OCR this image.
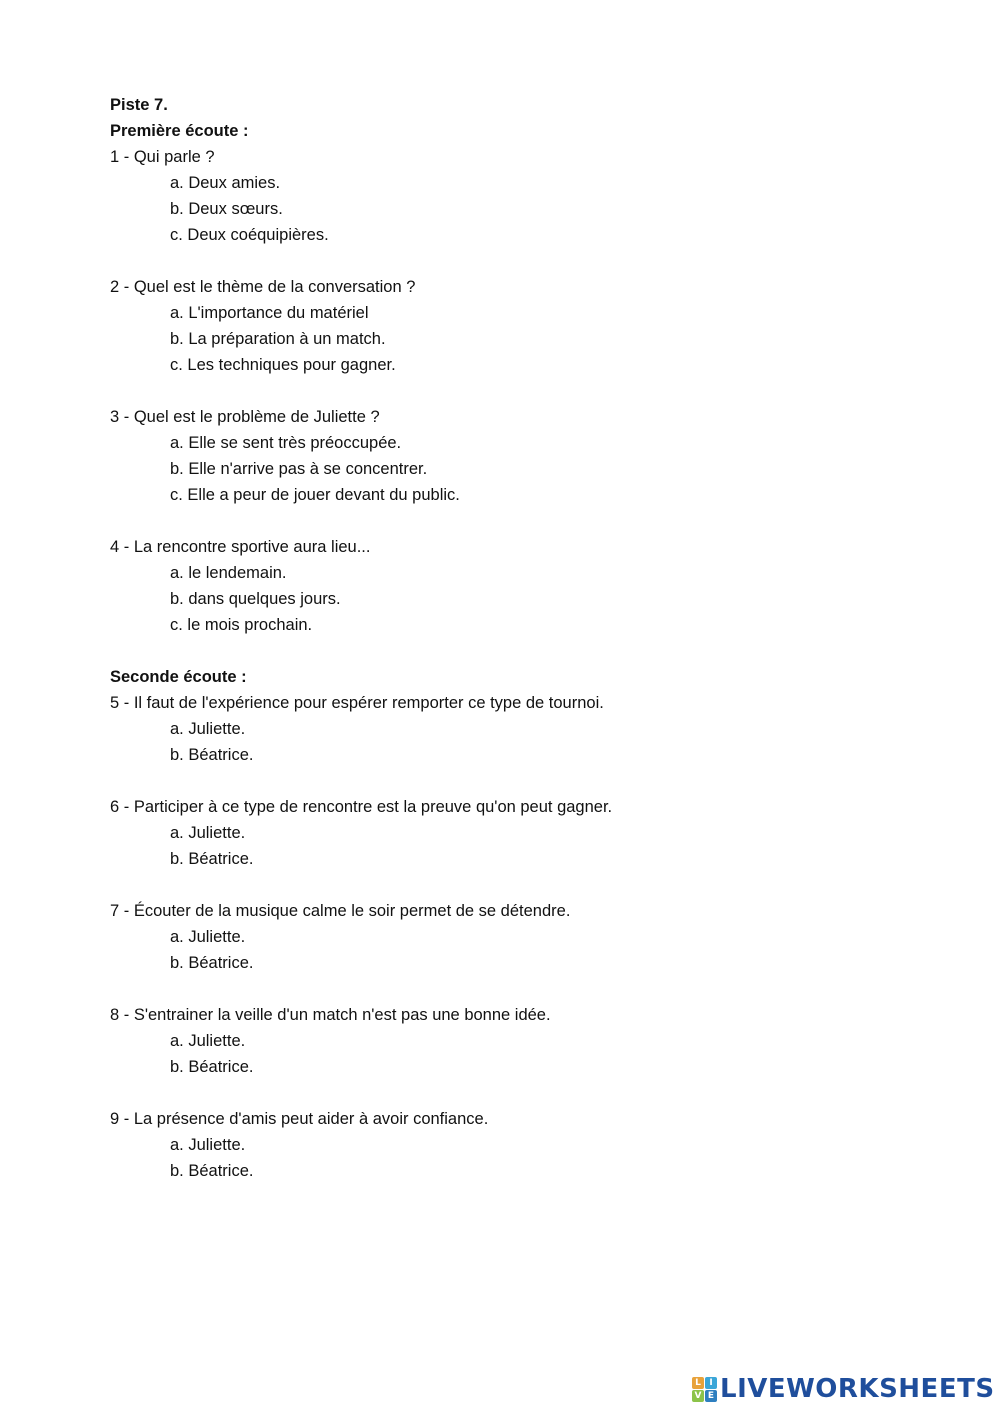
Piste 7.
Première écoute :
1 - Qui parle ?
a. Deux amies.
b. Deux sœurs.
c. Deux coéquipières.
2 - Quel est le thème de la conversation ?
a. L'importance du matériel
b. La préparation à un match.
c. Les techniques pour gagner.
3 - Quel est le problème de Juliette ?
a. Elle se sent très préoccupée.
b. Elle n'arrive pas à se concentrer.
c. Elle a peur de jouer devant du public.
4 - La rencontre sportive aura lieu...
a. le lendemain.
b. dans quelques jours.
c. le mois prochain.
Seconde écoute :
5 - Il faut de l'expérience pour espérer remporter ce type de tournoi.
a. Juliette.
b. Béatrice.
6 - Participer à ce type de rencontre est la preuve qu'on peut gagner.
a. Juliette.
b. Béatrice.
7 - Écouter de la musique calme le soir permet de se détendre.
a. Juliette.
b. Béatrice.
8 - S'entrainer la veille d'un match n'est pas une bonne idée.
a. Juliette.
b. Béatrice.
9 - La présence d'amis peut aider à avoir confiance.
a. Juliette.
b. Béatrice.
L I
V E LIVEWORKSHEETS
